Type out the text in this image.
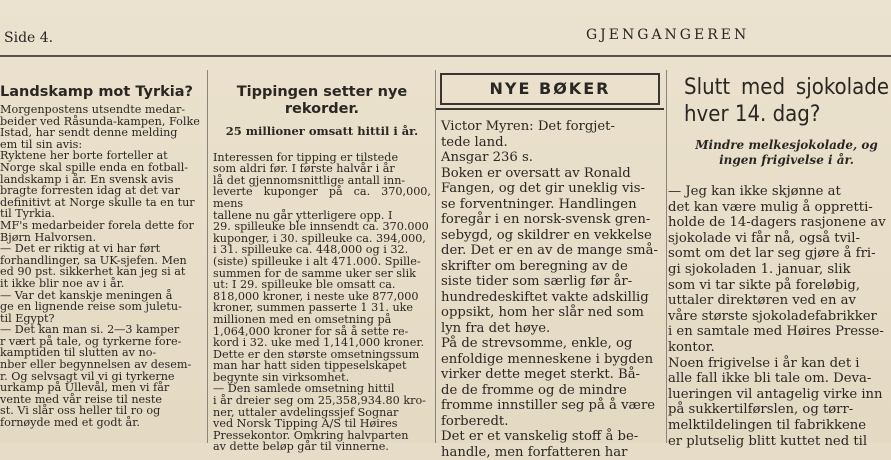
Side 4.	GJENGANGEREN
Landskamp mot Tyrkia?

Morgenpostens utsendte medar-

beider ved Råsunda-kampen, Folke

Istad, har sendt denne melding

em til sin avis:

Ryktene her borte forteller at

Norge skal spille enda en fotball-

landskamp i år. En svensk avis

bragte forresten idag at det var

definitivt at Norge skulle ta en tur

til Tyrkia.

MF's medarbeider forela dette for

Bjørn Halvorsen.

— Det er riktig at vi har ført

forhandlinger, sa UK-sjefen. Men

ed 90 pst. sikkerhet kan jeg si at

it ikke blir noe av i år.

— Var det kanskje meningen å

ge en lignende reise som juletu-

til Egypt?

— Det kan man si. 2—3 kamper

r vært på tale, og tyrkerne fore-

kamptiden til slutten av no-

nber eller begynnelsen av desem-

r. Og selvsagt vil vi gi tyrkerne

urkamp på Ullevål, men vi får

vente med vår reise til neste

st. Vi slår oss heller til ro og

fornøyde med et godt år.

Tippingen setter nye rekorder.
25 millioner omsatt hittil i år.

Interessen for tipping er tilstede

som aldri før. I første halvår i år

lå det gjennomsnittlige antall inn-

leverte kuponger på ca. 370,000, mens

tallene nu går ytterligere opp. I

29. spilleuke ble innsendt ca. 370.000

kuponger, i 30. spilleuke ca. 394,000,

i 31. spilleuke ca. 448,000 og i 32.

(siste) spilleuke i alt 471.000. Spille-

summen for de samme uker ser slik

ut: I 29. spilleuke ble omsatt ca.

818,000 kroner, i neste uke 877,000

kroner, summen passerte 1 31. uke

millionen med en omsetning på

1,064,000 kroner for så å sette re-

kord i 32. uke med 1,141,000 kroner.

Dette er den største omsetningssum

man har hatt siden tippeselskapet

begynte sin virksomhet.

— Den samlede omsetning hittil

i år dreier seg om 25,358,934.80 kro-

ner, uttaler avdelingssjef Sognar

ved Norsk Tipping A/S til Høires

Pressekontor. Omkring halvparten

av dette beløp går til vinnerne.

NYE BØKER

Victor Myren: Det forgjet-

tede land.

Ansgar 236 s.

Boken er oversatt av Ronald

Fangen, og det gir uneklig vis-

se forventninger. Handlingen

foregår i en norsk-svensk gren-

sebygd, og skildrer en vekkelse

der. Det er en av de mange små-

skrifter om beregning av de

siste tider som særlig før år-

hundredeskiftet vakte adskillig

oppsikt, hom her slår ned som

lyn fra det høye.

På de strevsomme, enkle, og

enfoldige menneskene i bygden

virker dette meget sterkt. Bå-

de de fromme og de mindre

fromme innstiller seg på å være

forberedt.

Det er et vanskelig stoff å be-

handle, men forfatteren har

Slutt med sjokolade hver 14. dag?
Mindre melkesjokolade, og ingen frigivelse i år.

— Jeg kan ikke skjønne at

det kan være mulig å oppretti-

holde de 14-dagers rasjonene av

sjokolade vi får nå, også tvil-

somt om det lar seg gjøre å fri-

gi sjokoladen 1. januar, slik

som vi tar sikte på foreløbig,

uttaler direktøren ved en av

våre største sjokoladefabrikker

i en samtale med Høires Presse-

kontor.

Noen frigivelse i år kan det i

alle fall ikke bli tale om. Deva-

lueringen vil antagelig virke inn

på sukkertilførslen, og tørr-

melktildelingen til fabrikkene

er plutselig blitt kuttet ned til
